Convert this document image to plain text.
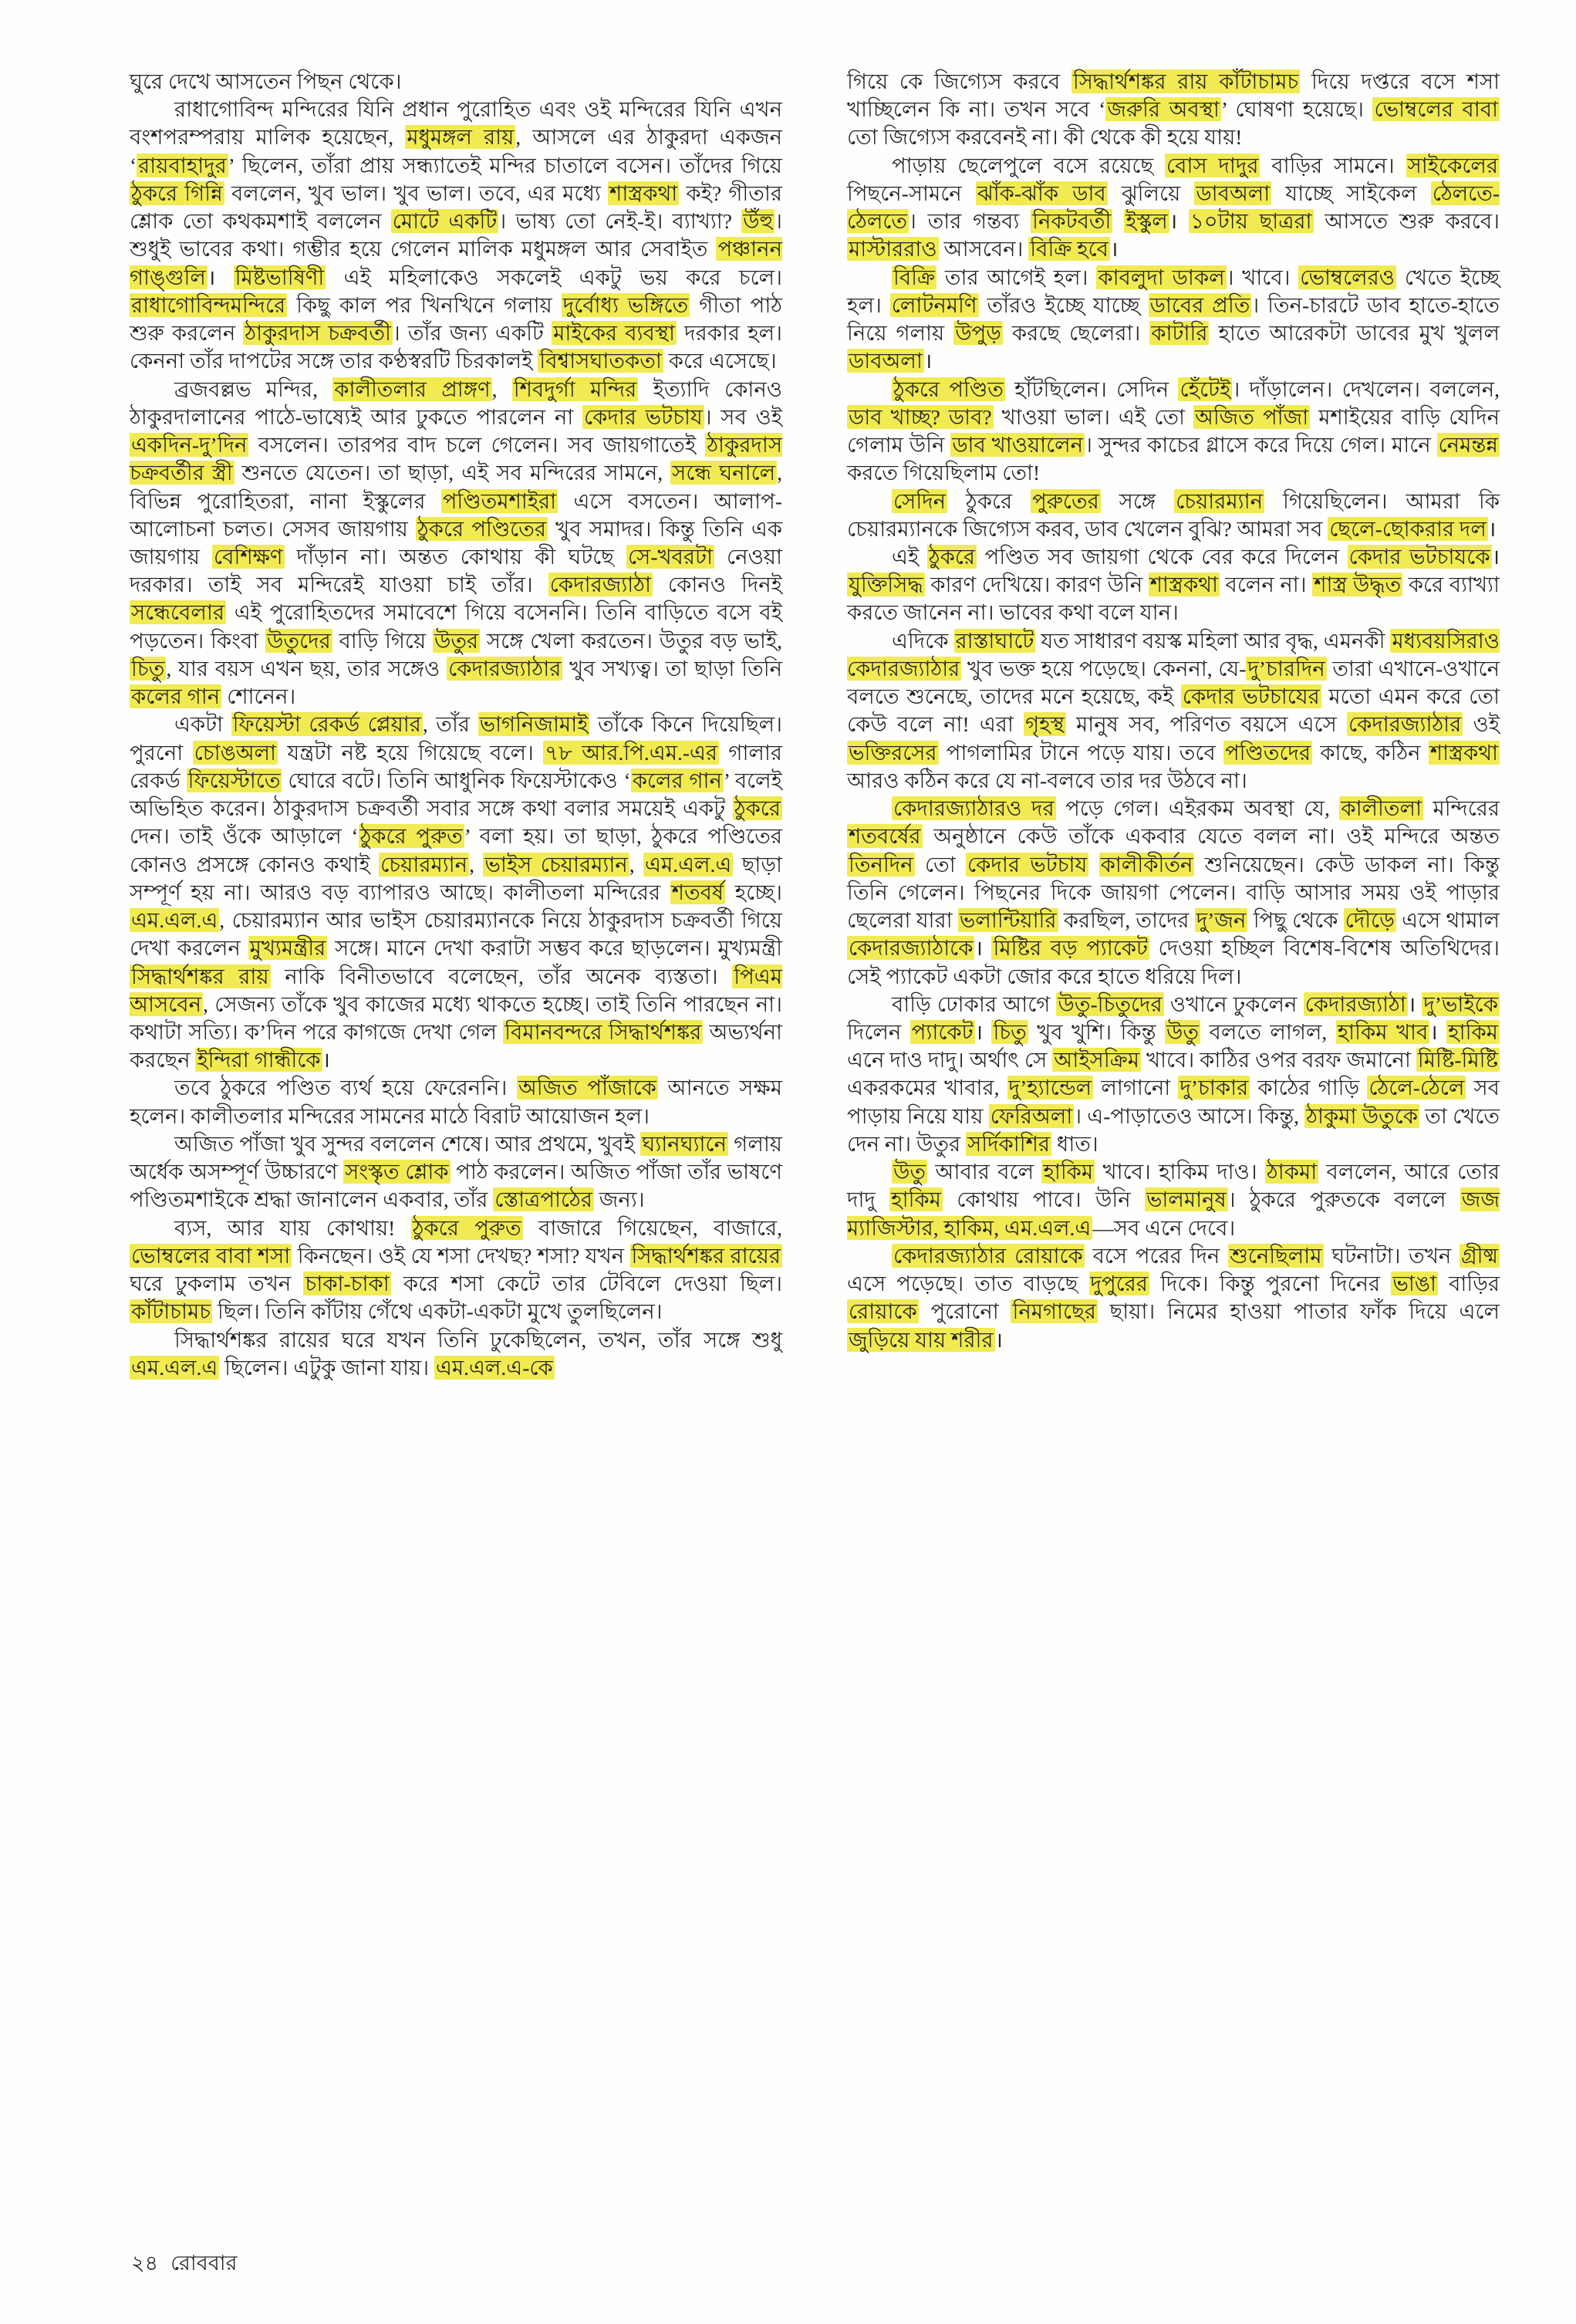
ঘুরে দেখে আসতেন পিছন থেকে।

রাধাগোবিন্দ মন্দিরের যিনি প্রধান পুরোহিত এবং ওই মন্দিরের যিনি এখন বংশপরম্পরায় মালিক হয়েছেন, মধুমঙ্গল রায়, আসলে এর ঠাকুরদা একজন ‘রায়বাহাদুর’ ছিলেন, তাঁরা প্রায় সন্ধ্যাতেই মন্দির চাতালে বসেন। তাঁদের গিয়ে ঠুকরে গিন্নি বললেন, খুব ভাল। খুব ভাল। তবে, এর মধ্যে শাস্ত্রকথা কই? গীতার শ্লোক তো কথকমশাই বললেন মোটে একটি। ভাষ্য তো নেই-ই। ব্যাখ্যা? উঁহু। শুধুই ভাবের কথা। গম্ভীর হয়ে গেলেন মালিক মধুমঙ্গল আর সেবাইত পঞ্চানন গাঙ্গুলি। মিষ্টভাষিণী এই মহিলাকেও সকলেই একটু ভয় করে চলে। রাধাগোবিন্দমন্দিরে কিছু কাল পর খিনখিনে গলায় দুর্বোধ্য ভঙ্গিতে গীতা পাঠ শুরু করলেন ঠাকুরদাস চক্রবর্তী। তাঁর জন্য একটি মাইকের ব্যবস্থা দরকার হল। কেননা তাঁর দাপটের সঙ্গে তার কণ্ঠস্বরটি চিরকালই বিশ্বাসঘাতকতা করে এসেছে।

ব্রজবল্লভ মন্দির, কালীতলার প্রাঙ্গণ, শিবদুর্গা মন্দির ইত্যাদি কোনও ঠাকুরদালানের পাঠে-ভাষ্যেই আর ঢুকতে পারলেন না কেদার ভটচায। সব ওই একদিন-দু’দিন বসলেন। তারপর বাদ চলে গেলেন। সব জায়গাতেই ঠাকুরদাস চক্রবর্তীর স্ত্রী শুনতে যেতেন। তা ছাড়া, এই সব মন্দিরের সামনে, সন্ধে ঘনালে, বিভিন্ন পুরোহিতরা, নানা ইস্কুলের পণ্ডিতমশাইরা এসে বসতেন। আলাপ-আলোচনা চলত। সেসব জায়গায় ঠুকরে পণ্ডিতের খুব সমাদর। কিন্তু তিনি এক জায়গায় বেশিক্ষণ দাঁড়ান না। অন্তত কোথায় কী ঘটছে সে-খবরটা নেওয়া দরকার। তাই সব মন্দিরেই যাওয়া চাই তাঁর। কেদারজ্যাঠা কোনও দিনই সন্ধেবেলার এই পুরোহিতদের সমাবেশে গিয়ে বসেননি। তিনি বাড়িতে বসে বই পড়তেন। কিংবা উতুদের বাড়ি গিয়ে উতুর সঙ্গে খেলা করতেন। উতুর বড় ভাই, চিতু, যার বয়স এখন ছয়, তার সঙ্গেও কেদারজ্যাঠার খুব সখ্যত্ব। তা ছাড়া তিনি কলের গান শোনেন।

একটা ফিয়েস্টা রেকর্ড প্লেয়ার, তাঁর ভাগনিজামাই তাঁকে কিনে দিয়েছিল। পুরনো চোঙঅলা যন্ত্রটা নষ্ট হয়ে গিয়েছে বলে। ৭৮ আর.পি.এম.-এর গালার রেকর্ড ফিয়েস্টাতে ঘোরে বটে। তিনি আধুনিক ফিয়েস্টাকেও ‘কলের গান’ বলেই অভিহিত করেন। ঠাকুরদাস চক্রবর্তী সবার সঙ্গে কথা বলার সময়েই একটু ঠুকরে দেন। তাই ওঁকে আড়ালে ‘ঠুকরে পুরুত’ বলা হয়। তা ছাড়া, ঠুকরে পণ্ডিতের কোনও প্রসঙ্গে কোনও কথাই চেয়ারম্যান, ভাইস চেয়ারম্যান, এম.এল.এ ছাড়া সম্পূর্ণ হয় না। আরও বড় ব্যাপারও আছে। কালীতলা মন্দিরের শতবর্ষ হচ্ছে। এম.এল.এ, চেয়ারম্যান আর ভাইস চেয়ারম্যানকে নিয়ে ঠাকুরদাস চক্রবর্তী গিয়ে দেখা করলেন মুখ্যমন্ত্রীর সঙ্গে। মানে দেখা করাটা সম্ভব করে ছাড়লেন। মুখ্যমন্ত্রী সিদ্ধার্থশঙ্কর রায় নাকি বিনীতভাবে বলেছেন, তাঁর অনেক ব্যস্ততা। পিএম আসবেন, সেজন্য তাঁকে খুব কাজের মধ্যে থাকতে হচ্ছে। তাই তিনি পারছেন না। কথাটা সত্যি। ক’দিন পরে কাগজে দেখা গেল বিমানবন্দরে সিদ্ধার্থশঙ্কর অভ্যর্থনা করছেন ইন্দিরা গান্ধীকে।

তবে ঠুকরে পণ্ডিত ব্যর্থ হয়ে ফেরেননি। অজিত পাঁজাকে আনতে সক্ষম হলেন। কালীতলার মন্দিরের সামনের মাঠে বিরাট আয়োজন হল।

অজিত পাঁজা খুব সুন্দর বললেন শেষে। আর প্রথমে, খুবই ঘ্যানঘ্যানে গলায় অর্ধেক অসম্পূর্ণ উচ্চারণে সংস্কৃত শ্লোক পাঠ করলেন। অজিত পাঁজা তাঁর ভাষণে পণ্ডিতমশাইকে শ্রদ্ধা জানালেন একবার, তাঁর স্তোত্রপাঠের জন্য।

ব্যস, আর যায় কোথায়! ঠুকরে পুরুত বাজারে গিয়েছেন, বাজারে, ভোম্বলের বাবা শসা কিনছেন। ওই যে শসা দেখছ? শসা? যখন সিদ্ধার্থশঙ্কর রায়ের ঘরে ঢুকলাম তখন চাকা-চাকা করে শসা কেটে তার টেবিলে দেওয়া ছিল। কাঁটাচামচ ছিল। তিনি কাঁটায় গেঁথে একটা-একটা মুখে তুলছিলেন।

সিদ্ধার্থশঙ্কর রায়ের ঘরে যখন তিনি ঢুকেছিলেন, তখন, তাঁর সঙ্গে শুধু এম.এল.এ ছিলেন। এটুকু জানা যায়। এম.এল.এ-কে

গিয়ে কে জিগ্যেস করবে সিদ্ধার্থশঙ্কর রায় কাঁটাচামচ দিয়ে দপ্তরে বসে শসা খাচ্ছিলেন কি না। তখন সবে ‘জরুরি অবস্থা’ ঘোষণা হয়েছে। ভোম্বলের বাবা তো জিগ্যেস করবেনই না। কী থেকে কী হয়ে যায়!

পাড়ায় ছেলেপুলে বসে রয়েছে বোস দাদুর বাড়ির সামনে। সাইকেলের পিছনে-সামনে ঝাঁক-ঝাঁক ডাব ঝুলিয়ে ডাবঅলা যাচ্ছে সাইকেল ঠেলতে-ঠেলতে। তার গন্তব্য নিকটবর্তী ইস্কুল। ১০টায় ছাত্ররা আসতে শুরু করবে। মাস্টাররাও আসবেন। বিক্রি হবে।

বিক্রি তার আগেই হল। কাবলুদা ডাকল। খাবে। ভোম্বলেরও খেতে ইচ্ছে হল। লোটনমণি তাঁরও ইচ্ছে যাচ্ছে ডাবের প্রতি। তিন-চারটে ডাব হাতে-হাতে নিয়ে গলায় উপুড় করছে ছেলেরা। কাটারি হাতে আরেকটা ডাবের মুখ খুলল ডাবঅলা।

ঠুকরে পণ্ডিত হাঁটছিলেন। সেদিন হেঁটেই। দাঁড়ালেন। দেখলেন। বললেন, ডাব খাচ্ছ? ডাব? খাওয়া ভাল। এই তো অজিত পাঁজা মশাইয়ের বাড়ি যেদিন গেলাম উনি ডাব খাওয়ালেন। সুন্দর কাচের গ্লাসে করে দিয়ে গেল। মানে নেমন্তন্ন করতে গিয়েছিলাম তো!

সেদিন ঠুকরে পুরুতের সঙ্গে চেয়ারম্যান গিয়েছিলেন। আমরা কি চেয়ারম্যানকে জিগ্যেস করব, ডাব খেলেন বুঝি? আমরা সব ছেলে-ছোকরার দল।

এই ঠুকরে পণ্ডিত সব জায়গা থেকে বের করে দিলেন কেদার ভটচাযকে। যুক্তিসিদ্ধ কারণ দেখিয়ে। কারণ উনি শাস্ত্রকথা বলেন না। শাস্ত্র উদ্ধৃত করে ব্যাখ্যা করতে জানেন না। ভাবের কথা বলে যান।

এদিকে রাস্তাঘাটে যত সাধারণ বয়স্ক মহিলা আর বৃদ্ধ, এমনকী মধ্যবয়সিরাও কেদারজ্যাঠার খুব ভক্ত হয়ে পড়েছে। কেননা, যে-দু’চারদিন তারা এখানে-ওখানে বলতে শুনেছে, তাদের মনে হয়েছে, কই কেদার ভটচাযের মতো এমন করে তো কেউ বলে না! এরা গৃহস্থ মানুষ সব, পরিণত বয়সে এসে কেদারজ্যাঠার ওই ভক্তিরসের পাগলামির টানে পড়ে যায়। তবে পণ্ডিতদের কাছে, কঠিন শাস্ত্রকথা আরও কঠিন করে যে না-বলবে তার দর উঠবে না।

কেদারজ্যাঠারও দর পড়ে গেল। এইরকম অবস্থা যে, কালীতলা মন্দিরের শতবর্ষের অনুষ্ঠানে কেউ তাঁকে একবার যেতে বলল না। ওই মন্দিরে অন্তত তিনদিন তো কেদার ভটচায কালীকীর্তন শুনিয়েছেন। কেউ ডাকল না। কিন্তু তিনি গেলেন। পিছনের দিকে জায়গা পেলেন। বাড়ি আসার সময় ওই পাড়ার ছেলেরা যারা ভলান্টিয়ারি করছিল, তাদের দু’জন পিছু থেকে দৌড়ে এসে থামাল কেদারজ্যাঠাকে। মিষ্টির বড় প্যাকেট দেওয়া হচ্ছিল বিশেষ-বিশেষ অতিথিদের। সেই প্যাকেট একটা জোর করে হাতে ধরিয়ে দিল।

বাড়ি ঢোকার আগে উতু-চিতুদের ওখানে ঢুকলেন কেদারজ্যাঠা। দু’ভাইকে দিলেন প্যাকেট। চিতু খুব খুশি। কিন্তু উতু বলতে লাগল, হাকিম খাব। হাকিম এনে দাও দাদু। অর্থাৎ সে আইসক্রিম খাবে। কাঠির ওপর বরফ জমানো মিষ্টি-মিষ্টি একরকমের খাবার, দু’হ্যান্ডেল লাগানো দু’চাকার কাঠের গাড়ি ঠেলে-ঠেলে সব পাড়ায় নিয়ে যায় ফেরিঅলা। এ-পাড়াতেও আসে। কিন্তু, ঠাকুমা উতুকে তা খেতে দেন না। উতুর সর্দিকাশির ধাত।

উতু আবার বলে হাকিম খাবে। হাকিম দাও। ঠাকমা বললেন, আরে তোর দাদু হাকিম কোথায় পাবে। উনি ভালমানুষ। ঠুকরে পুরুতকে বললে জজ ম্যাজিস্টার, হাকিম, এম.এল.এ—সব এনে দেবে।

কেদারজ্যাঠার রোয়াকে বসে পরের দিন শুনেছিলাম ঘটনাটা। তখন গ্রীষ্ম এসে পড়েছে। তাত বাড়ছে দুপুরের দিকে। কিন্তু পুরনো দিনের ভাঙা বাড়ির রোয়াকে পুরোনো নিমগাছের ছায়া। নিমের হাওয়া পাতার ফাঁক দিয়ে এলে জুড়িয়ে যায় শরীর।

২৪ রোববার
